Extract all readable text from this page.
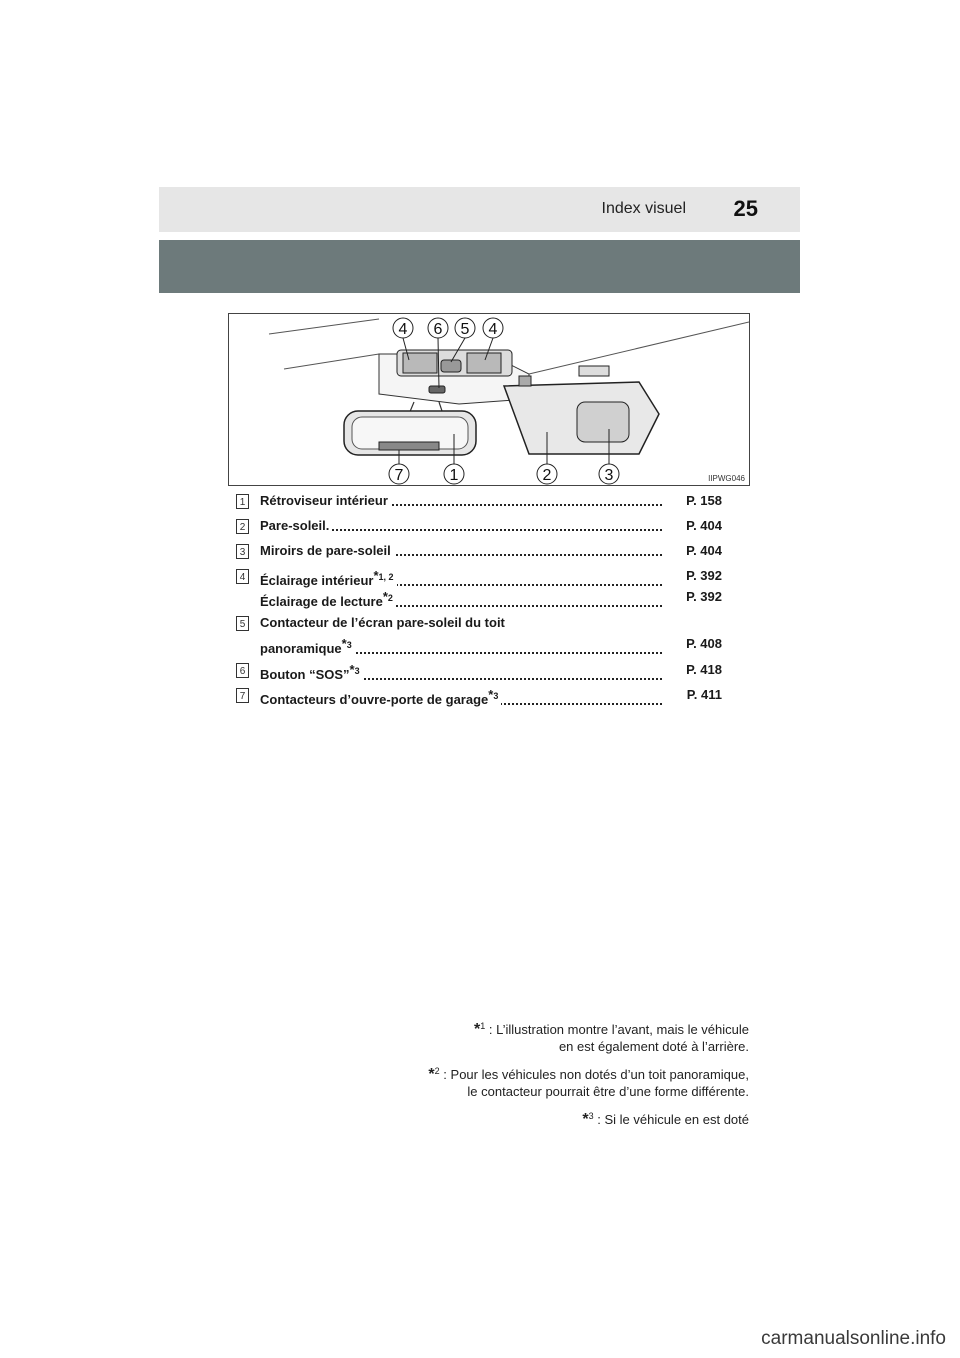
Index visuel 25
4 6 5 4
7	1	2	3	IIPWG046
1 Rétroviseur intérieur	P. 158
2 Pare-soleil.	P. 404
3 Miroirs de pare-soleil	P. 404
4 Éclairage intérieur$^{*1, 2}$	P. 392
Éclairage de lecture$^{*2}$	P. 392
5 Contacteur de l’écran pare-soleil du toit
panoramique$^{*3}$	P. 408
6 Bouton “SOS”$^{*3}$	P. 418
7 Contacteurs d’ouvre-porte de garage$^{*3}$	P. 411
*$^1$ : L’illustration montre l’avant, mais le véhicule
en est également doté à l’arrière.
*$^2$ : Pour les véhicules non dotés d’un toit panoramique,
le contacteur pourrait être d’une forme différente.
*$^3$ : Si le véhicule en est doté
carmanualsonline.info
